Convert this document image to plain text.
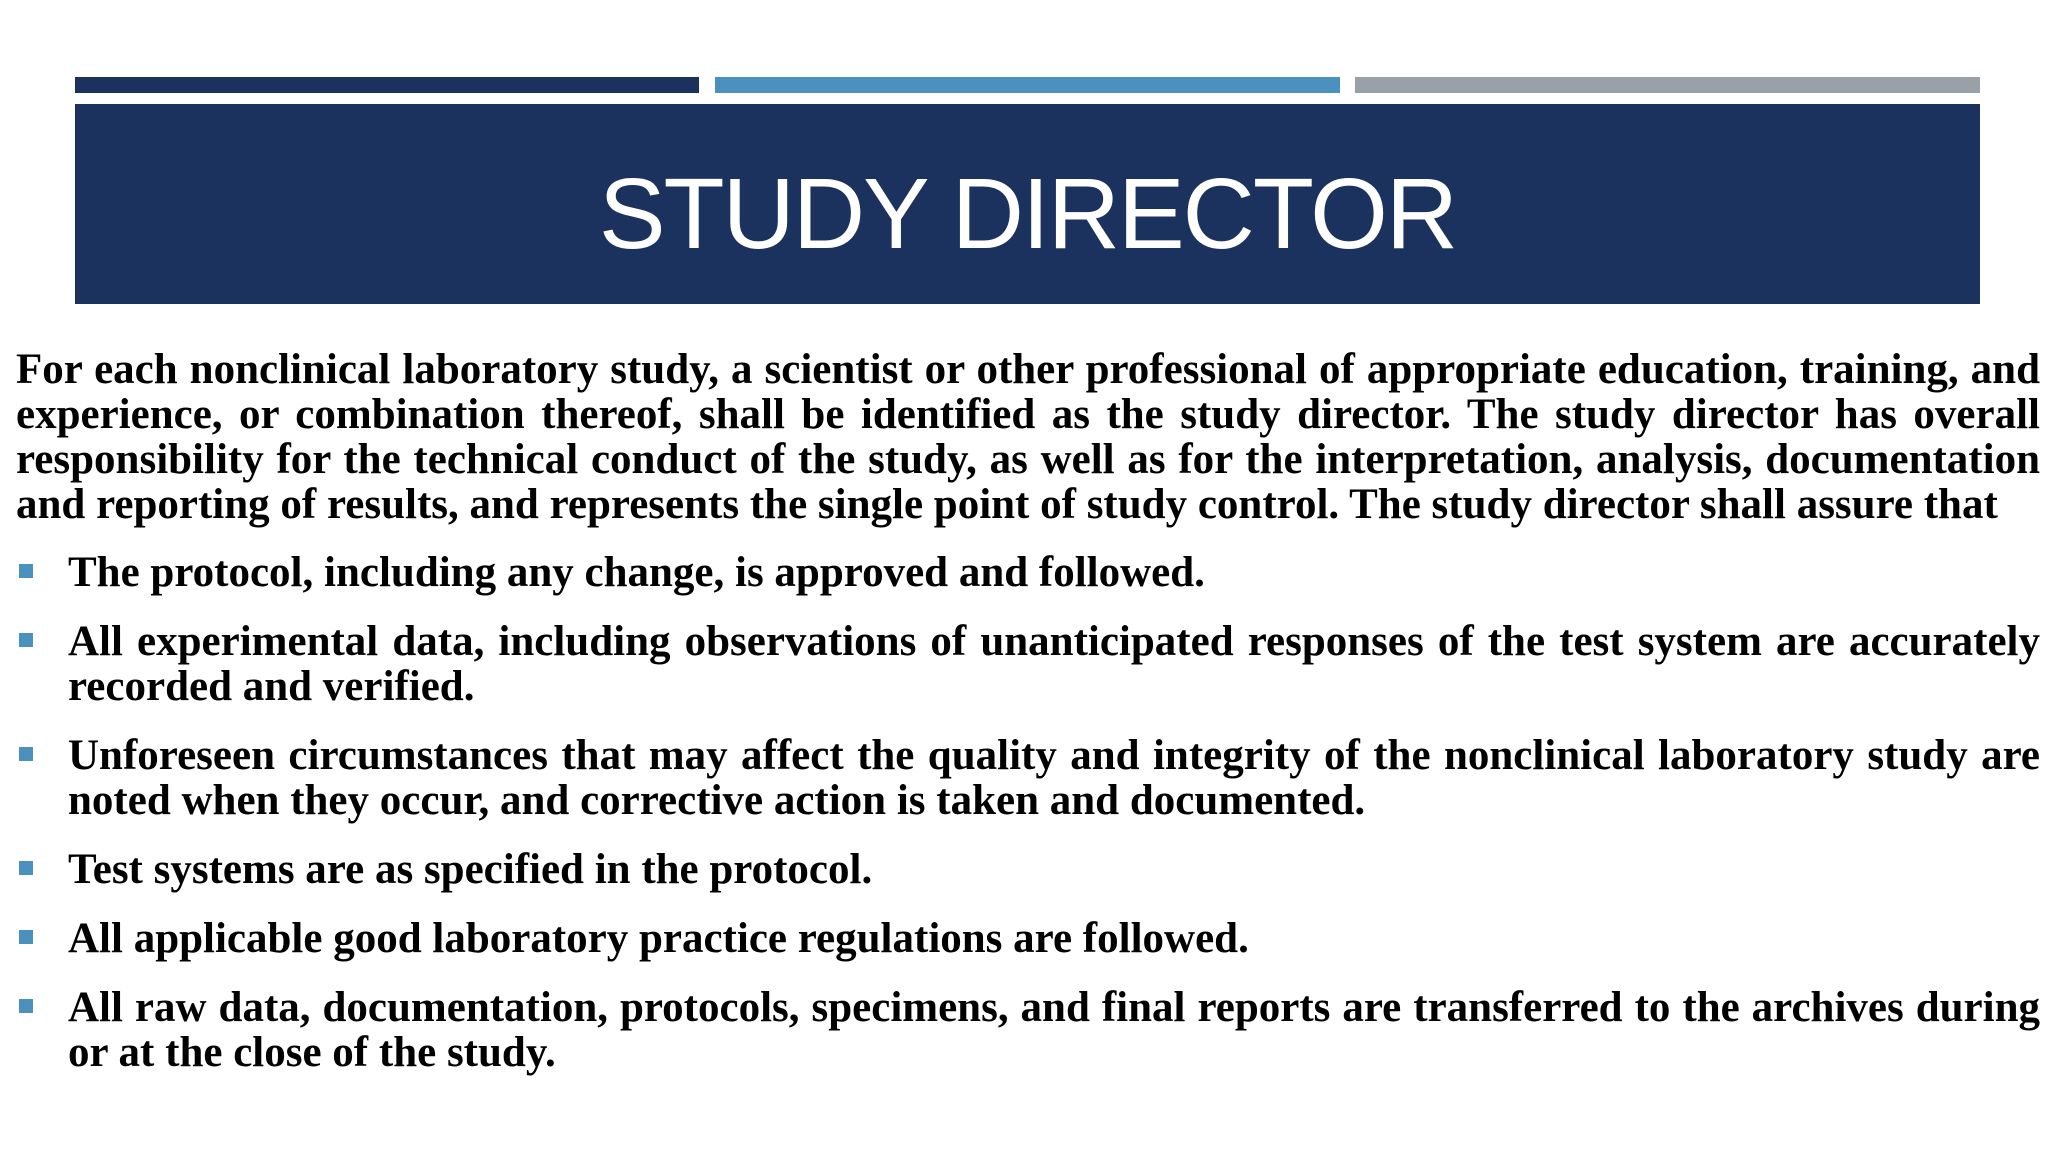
STUDY DIRECTOR

For each nonclinical laboratory study, a scientist or other professional of appropriate education, training, and experience, or combination thereof, shall be identified as the study director. The study director has overall responsibility for the technical conduct of the study, as well as for the interpretation, analysis, documentation and reporting of results, and represents the single point of study control. The study director shall assure that

The protocol, including any change, is approved and followed.
All experimental data, including observations of unanticipated responses of the test system are accurately recorded and verified.
Unforeseen circumstances that may affect the quality and integrity of the nonclinical laboratory study are noted when they occur, and corrective action is taken and documented.
Test systems are as specified in the protocol.
All applicable good laboratory practice regulations are followed.
All raw data, documentation, protocols, specimens, and final reports are transferred to the archives during or at the close of the study.
